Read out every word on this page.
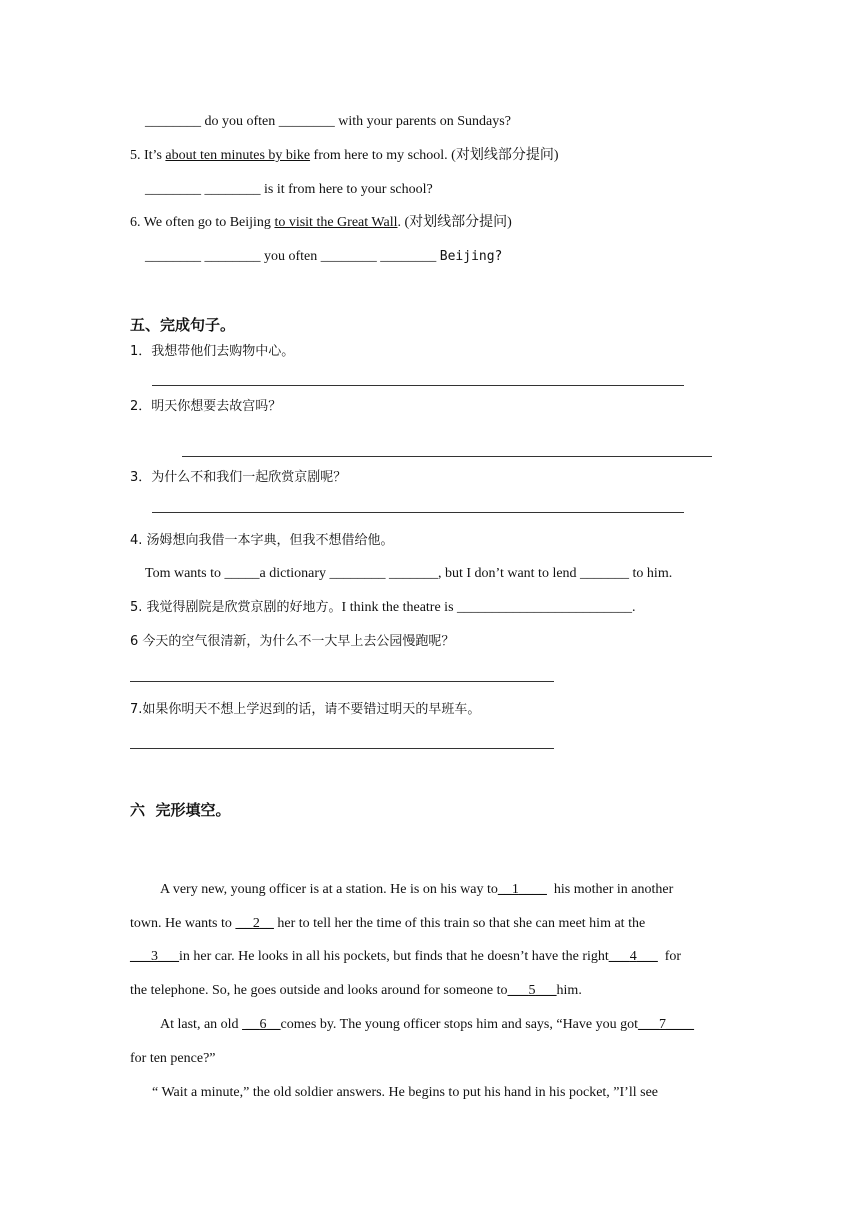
________ do you often ________ with your parents on Sundays?
5. It’s about ten minutes by bike from here to my school. (对划线部分提问)
________ ________ is it from here to your school?
6. We often go to Beijing to visit the Great Wall. (对划线部分提问)
________ ________ you often ________ ________ Beijing?
五、完成句子。
1．我想带他们去购物中心。
2．明天你想要去故宫吗？
3．为什么不和我们一起欣赏京剧呢？
4. 汤姆想向我借一本字典，但我不想借给他。
Tom wants to _____a dictionary ________ _______, but I don’t want to lend _______ to him.
5. 我觉得剧院是欣赏京剧的好地方。I think the theatre is _________________________.
6 今天的空气很清新，为什么不一大早上去公园慢跑呢？
7.如果你明天不想上学迟到的话，请不要错过明天的早班车。
六  完形填空。
A very new, young officer is at a station. He is on his way to__1____ his mother in another
town. He wants to  __2__ her to tell her the time of this train so that she can meet him at the
___3___in her car. He looks in all his pockets, but finds that he doesn’t have the right___4___ for
the telephone. So, he goes outside and looks around for someone to___5___him.
At last, an old  __6__comes by. The young officer stops him and says, “Have you got___7____
for ten pence?”
“ Wait a minute,” the old soldier answers. He begins to put his hand in his pocket, ”I’ll see
